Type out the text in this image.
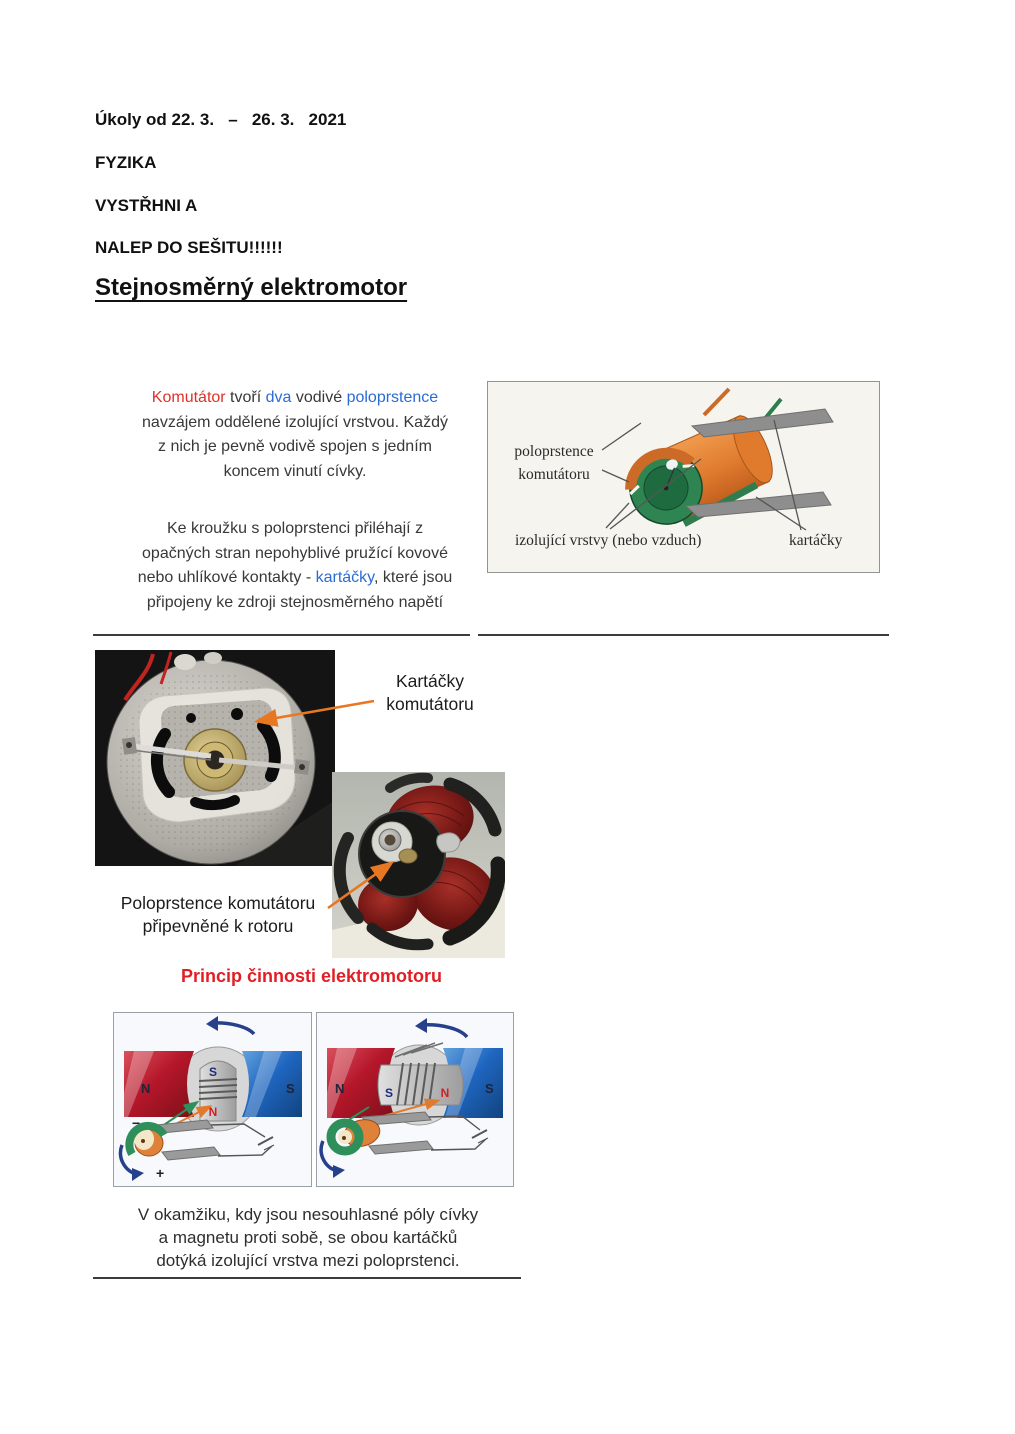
Úkoly od 22. 3.   –   26. 3.   2021
FYZIKA
VYSTŘHNI A
NALEP DO SEŠITU!!!!!!
Stejnosměrný elektromotor
Komutátor tvoří dva vodivé poloprstence
navzájem oddělené izolující vrstvou. Každý
z nich je pevně vodivě spojen s jedním
koncem vinutí cívky.
Ke kroužku s poloprstenci přiléhají z
opačných stran nepohyblivé pružící kovové
nebo uhlíkové kontakty - kartáčky, které jsou
připojeny ke zdroji stejnosměrného napětí
poloprstence
komutátoru
izolující vrstvy (nebo vzduch)	kartáčky
Kartáčky
komutátoru
Poloprstence komutátoru
připevněné k rotoru
Princip činnosti elektromotoru
N	S
S
N
−
+
N	S
S	N
V okamžiku, kdy jsou nesouhlasné póly cívky
a magnetu proti sobě, se obou kartáčků
dotýká izolující vrstva mezi poloprstenci.
